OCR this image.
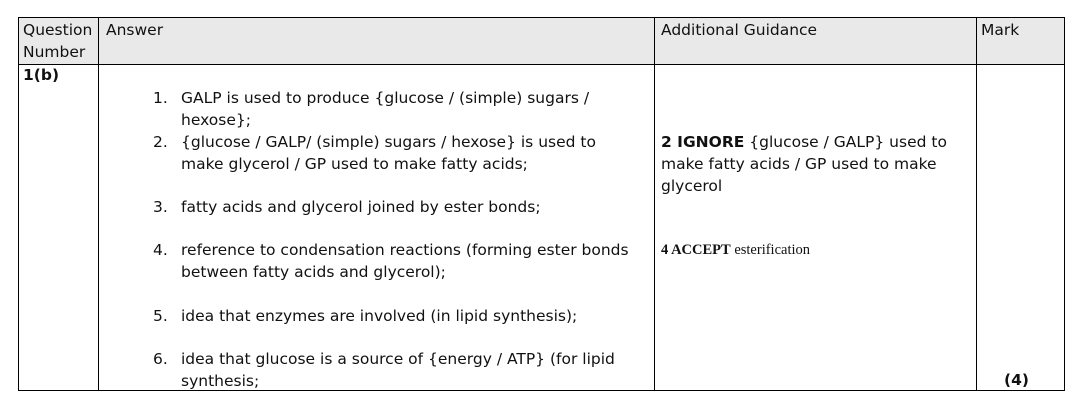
Question Number
Answer	Additional Guidance	Mark
1(b)
1. GALP is used to produce {glucose / (simple) sugars / hexose};
2. {glucose / GALP/ (simple) sugars / hexose} is used to make glycerol / GP used to make fatty acids;
3. fatty acids and glycerol joined by ester bonds;
4. reference to condensation reactions (forming ester bonds between fatty acids and glycerol);
5. idea that enzymes are involved (in lipid synthesis);
6. idea that glucose is a source of {energy / ATP} (for lipid synthesis;
2 IGNORE {glucose / GALP} used to make fatty acids / GP used to make glycerol
4 ACCEPT esterification
(4)
